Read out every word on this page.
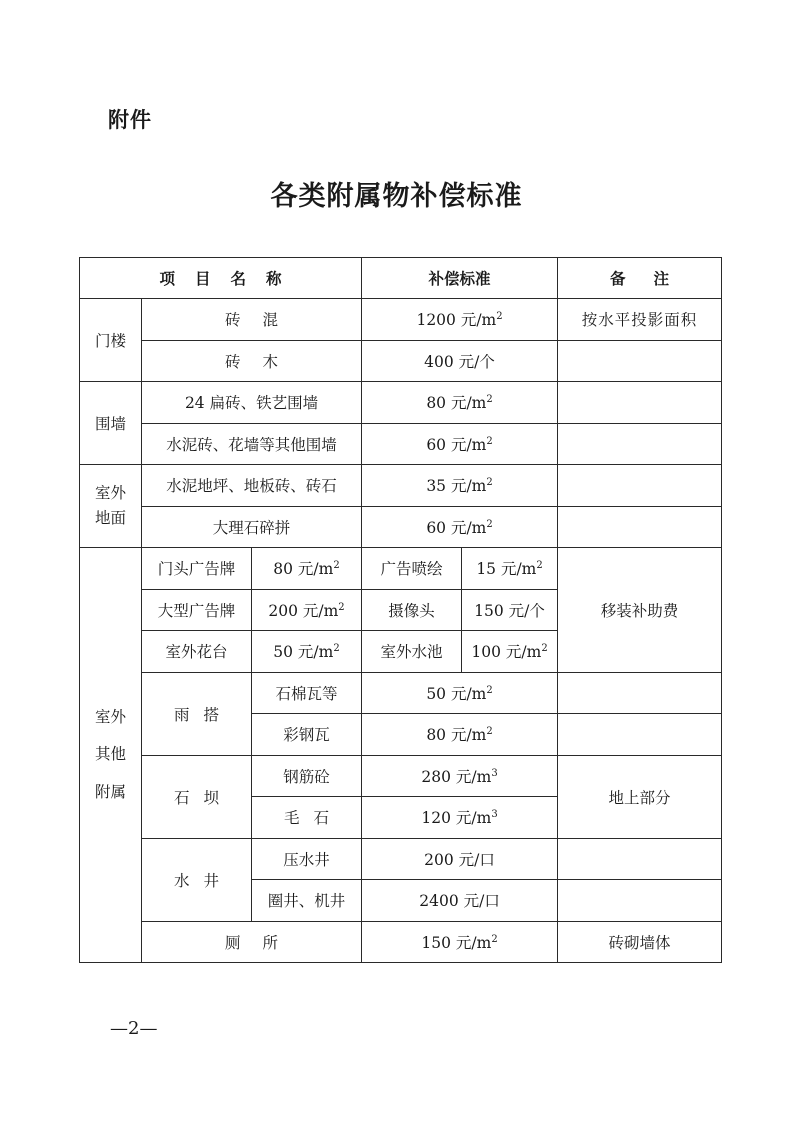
附件
各类附属物补偿标准
项目名称			补偿标准		备注
门楼	砖混		1200 元$/m^2$		按水平投影面积
	砖木		400 元/个		
围墙	24 扁砖、铁艺围墙		80 元$/m^2$	
	水泥砖、花墙等其他围墙		60 元$/m^2$	
室外
地面	水泥地坪、地板砖、砖石		35 元$/m^2$	
	大理石碎拼		60 元$/m^2$	
室外
其他
附属	门头广告牌	80 元$/m^2$	广告喷绘	15 元$/m^2$	移装补助费
	大型广告牌	200 元$/m^2$	摄像头	150 元/个	
	室外花台	50 元$/m^2$	室外水池	100 元$/m^2$
	雨搭	石棉瓦等	50 元$/m^2$	
		彩钢瓦	80 元$/m^2$	
	石坝	钢筋砼	280 元$/m^3$		地上部分
		毛石	120 元$/m^3$
	水井	压水井	200 元/口		
		圈井、机井	2400 元/口		
	厕所		150 元$/m^2$		砖砌墙体
—2—
